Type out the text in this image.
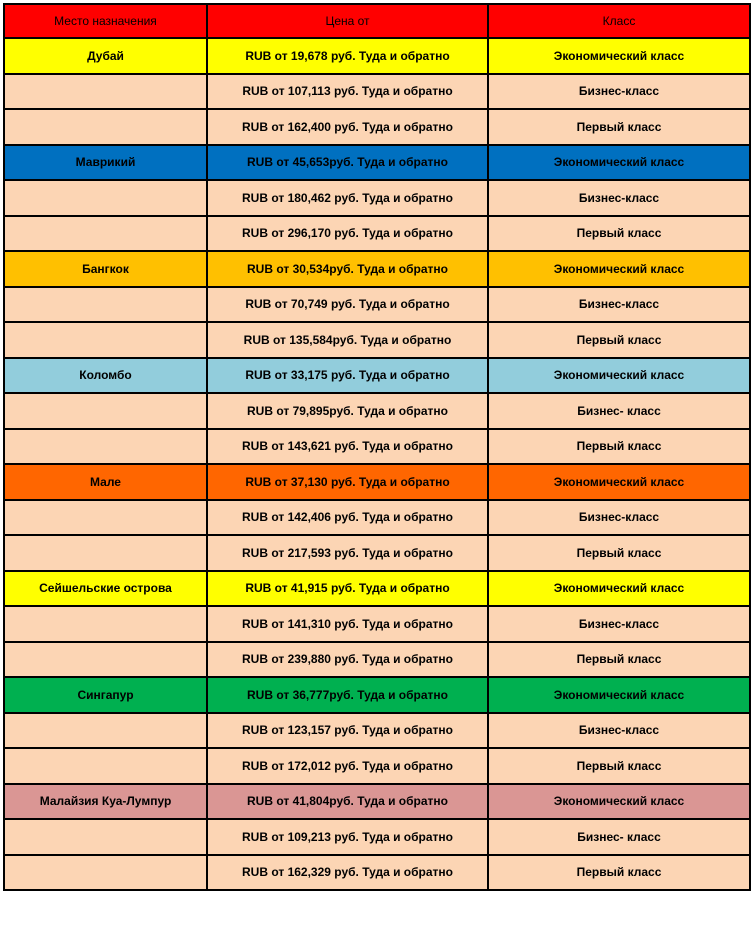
Место назначения	Цена от	Класс
Дубай	RUB от 19,678 руб. Туда и обратно	Экономический класс
	RUB от 107,113 руб. Туда и обратно	Бизнес-класс
	RUB от 162,400 руб. Туда и обратно	Первый класс
Маврикий	RUB от 45,653руб. Туда и обратно	Экономический класс
	RUB от 180,462 руб. Туда и обратно	Бизнес-класс
	RUB от 296,170 руб. Туда и обратно	Первый класс
Бангкок	RUB от 30,534руб. Туда и обратно	Экономический класс
	RUB от 70,749 руб. Туда и обратно	Бизнес-класс
	RUB от 135,584руб. Туда и обратно	Первый класс
Коломбо	RUB от 33,175 руб. Туда и обратно	Экономический класс
	RUB от 79,895руб. Туда и обратно	Бизнес- класс
	RUB от 143,621 руб. Туда и обратно	Первый класс
Мале	RUB от 37,130 руб. Туда и обратно	Экономический класс
	RUB от 142,406 руб. Туда и обратно	Бизнес-класс
	RUB от 217,593 руб. Туда и обратно	Первый класс
Сейшельские острова	RUB от 41,915 руб. Туда и обратно	Экономический класс
	RUB от 141,310 руб. Туда и обратно	Бизнес-класс
	RUB от 239,880 руб. Туда и обратно	Первый класс
Сингапур	RUB от 36,777руб. Туда и обратно	Экономический класс
	RUB от 123,157 руб. Туда и обратно	Бизнес-класс
	RUB от 172,012 руб. Туда и обратно	Первый класс
Малайзия Куа-Лумпур	RUB от 41,804руб. Туда и обратно	Экономический класс
	RUB от 109,213 руб. Туда и обратно	Бизнес- класс
	RUB от 162,329 руб. Туда и обратно	Первый класс
